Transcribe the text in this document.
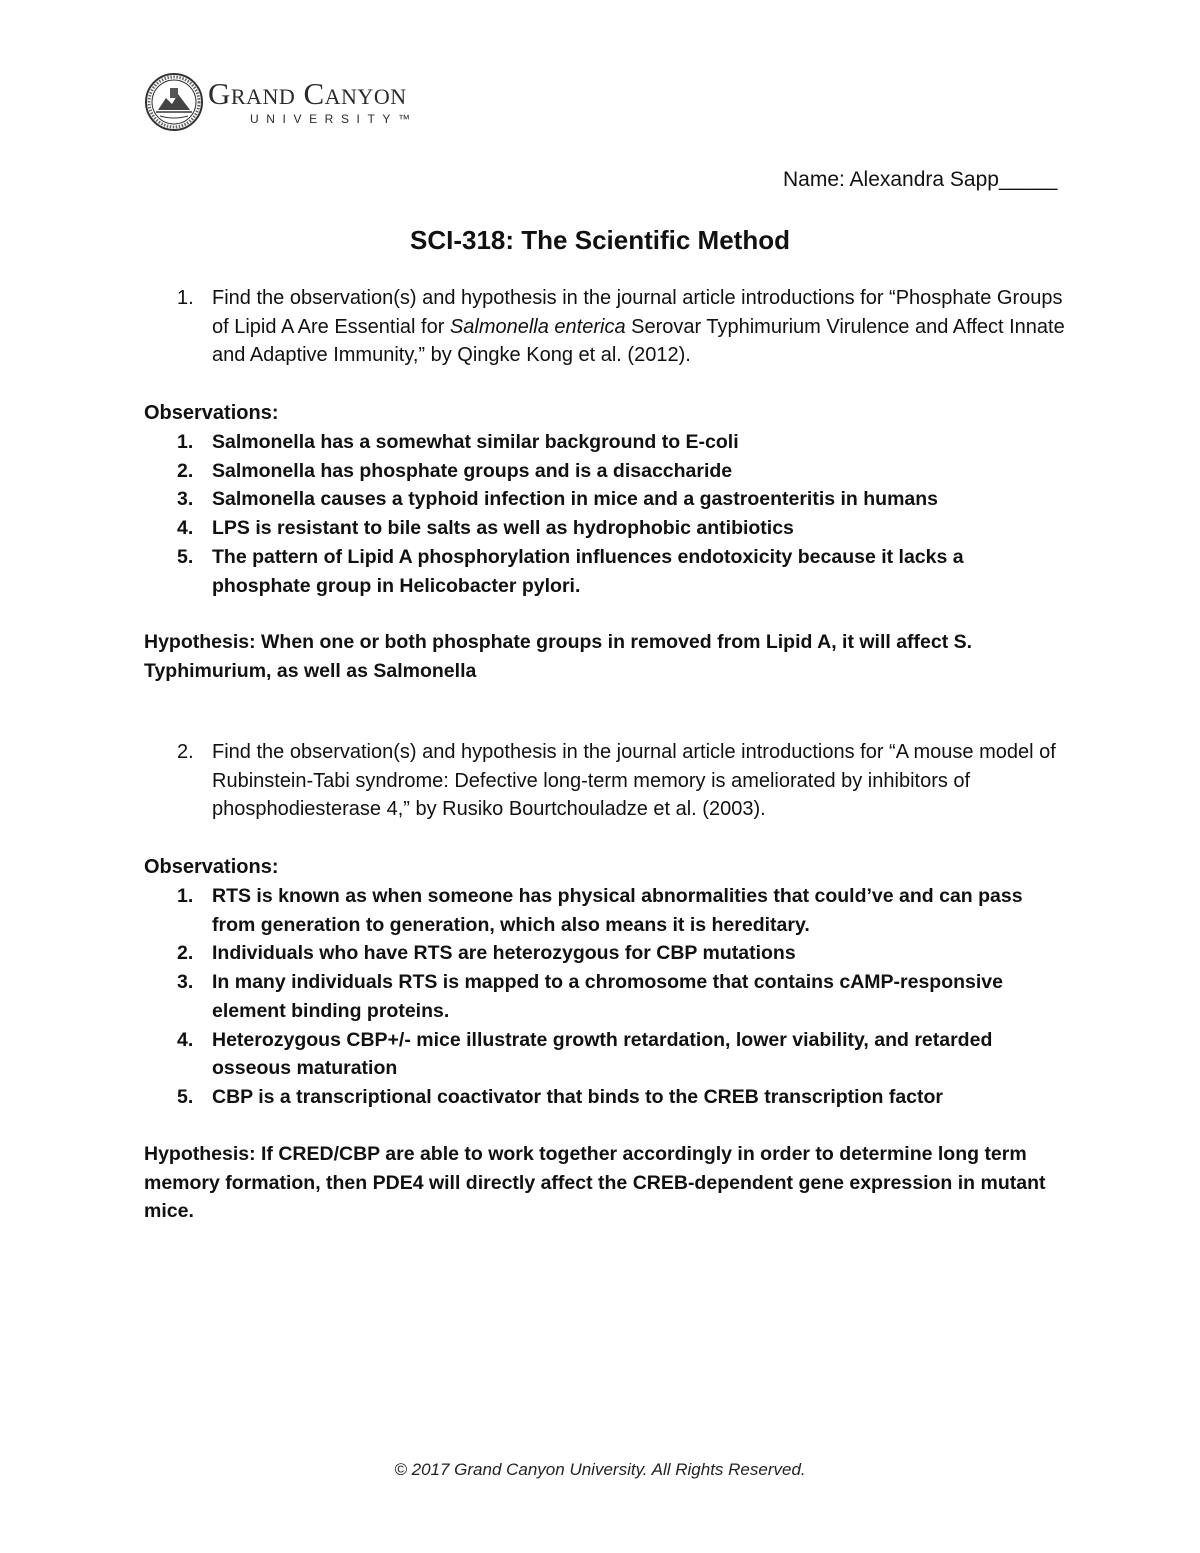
Grand Canyon
UNIVERSITY™
Name: Alexandra Sapp_____
SCI-318: The Scientific Method
1. Find the observation(s) and hypothesis in the journal article introductions for “Phosphate Groups of Lipid A Are Essential for Salmonella enterica Serovar Typhimurium Virulence and Affect Innate and Adaptive Immunity,” by Qingke Kong et al. (2012).
Observations:
1. Salmonella has a somewhat similar background to E-coli
2. Salmonella has phosphate groups and is a disaccharide
3. Salmonella causes a typhoid infection in mice and a gastroenteritis in humans
4. LPS is resistant to bile salts as well as hydrophobic antibiotics
5. The pattern of Lipid A phosphorylation influences endotoxicity because it lacks a phosphate group in Helicobacter pylori.
Hypothesis: When one or both phosphate groups in removed from Lipid A, it will affect S. Typhimurium, as well as Salmonella
2. Find the observation(s) and hypothesis in the journal article introductions for “A mouse model of Rubinstein-Tabi syndrome: Defective long-term memory is ameliorated by inhibitors of phosphodiesterase 4,” by Rusiko Bourtchouladze et al. (2003).
Observations:
1. RTS is known as when someone has physical abnormalities that could’ve and can pass from generation to generation, which also means it is hereditary.
2. Individuals who have RTS are heterozygous for CBP mutations
3. In many individuals RTS is mapped to a chromosome that contains cAMP-responsive element binding proteins.
4. Heterozygous CBP+/- mice illustrate growth retardation, lower viability, and retarded osseous maturation
5. CBP is a transcriptional coactivator that binds to the CREB transcription factor
Hypothesis: If CRED/CBP are able to work together accordingly in order to determine long term memory formation, then PDE4 will directly affect the CREB-dependent gene expression in mutant mice.
© 2017 Grand Canyon University. All Rights Reserved.
